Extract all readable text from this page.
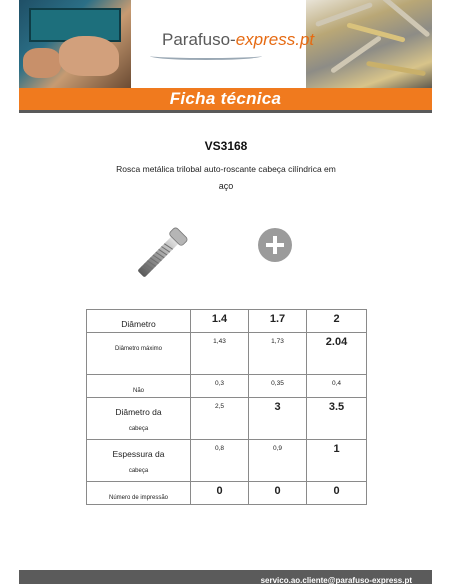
Parafuso-express.pt
Ficha técnica
VS3168
Rosca metálica trilobal auto-roscante cabeça cilíndrica em
aço
Diâmetro	1.4	1.7	2
Diâmetro máximo	1,43	1,73	2.04
Não	0,3	0,35	0,4
Diâmetro da
cabeça	2,5	3	3.5
Espessura da
cabeça	0,8	0,9	1
Número de impressão	0	0	0
servico.ao.cliente@parafuso-express.pt
